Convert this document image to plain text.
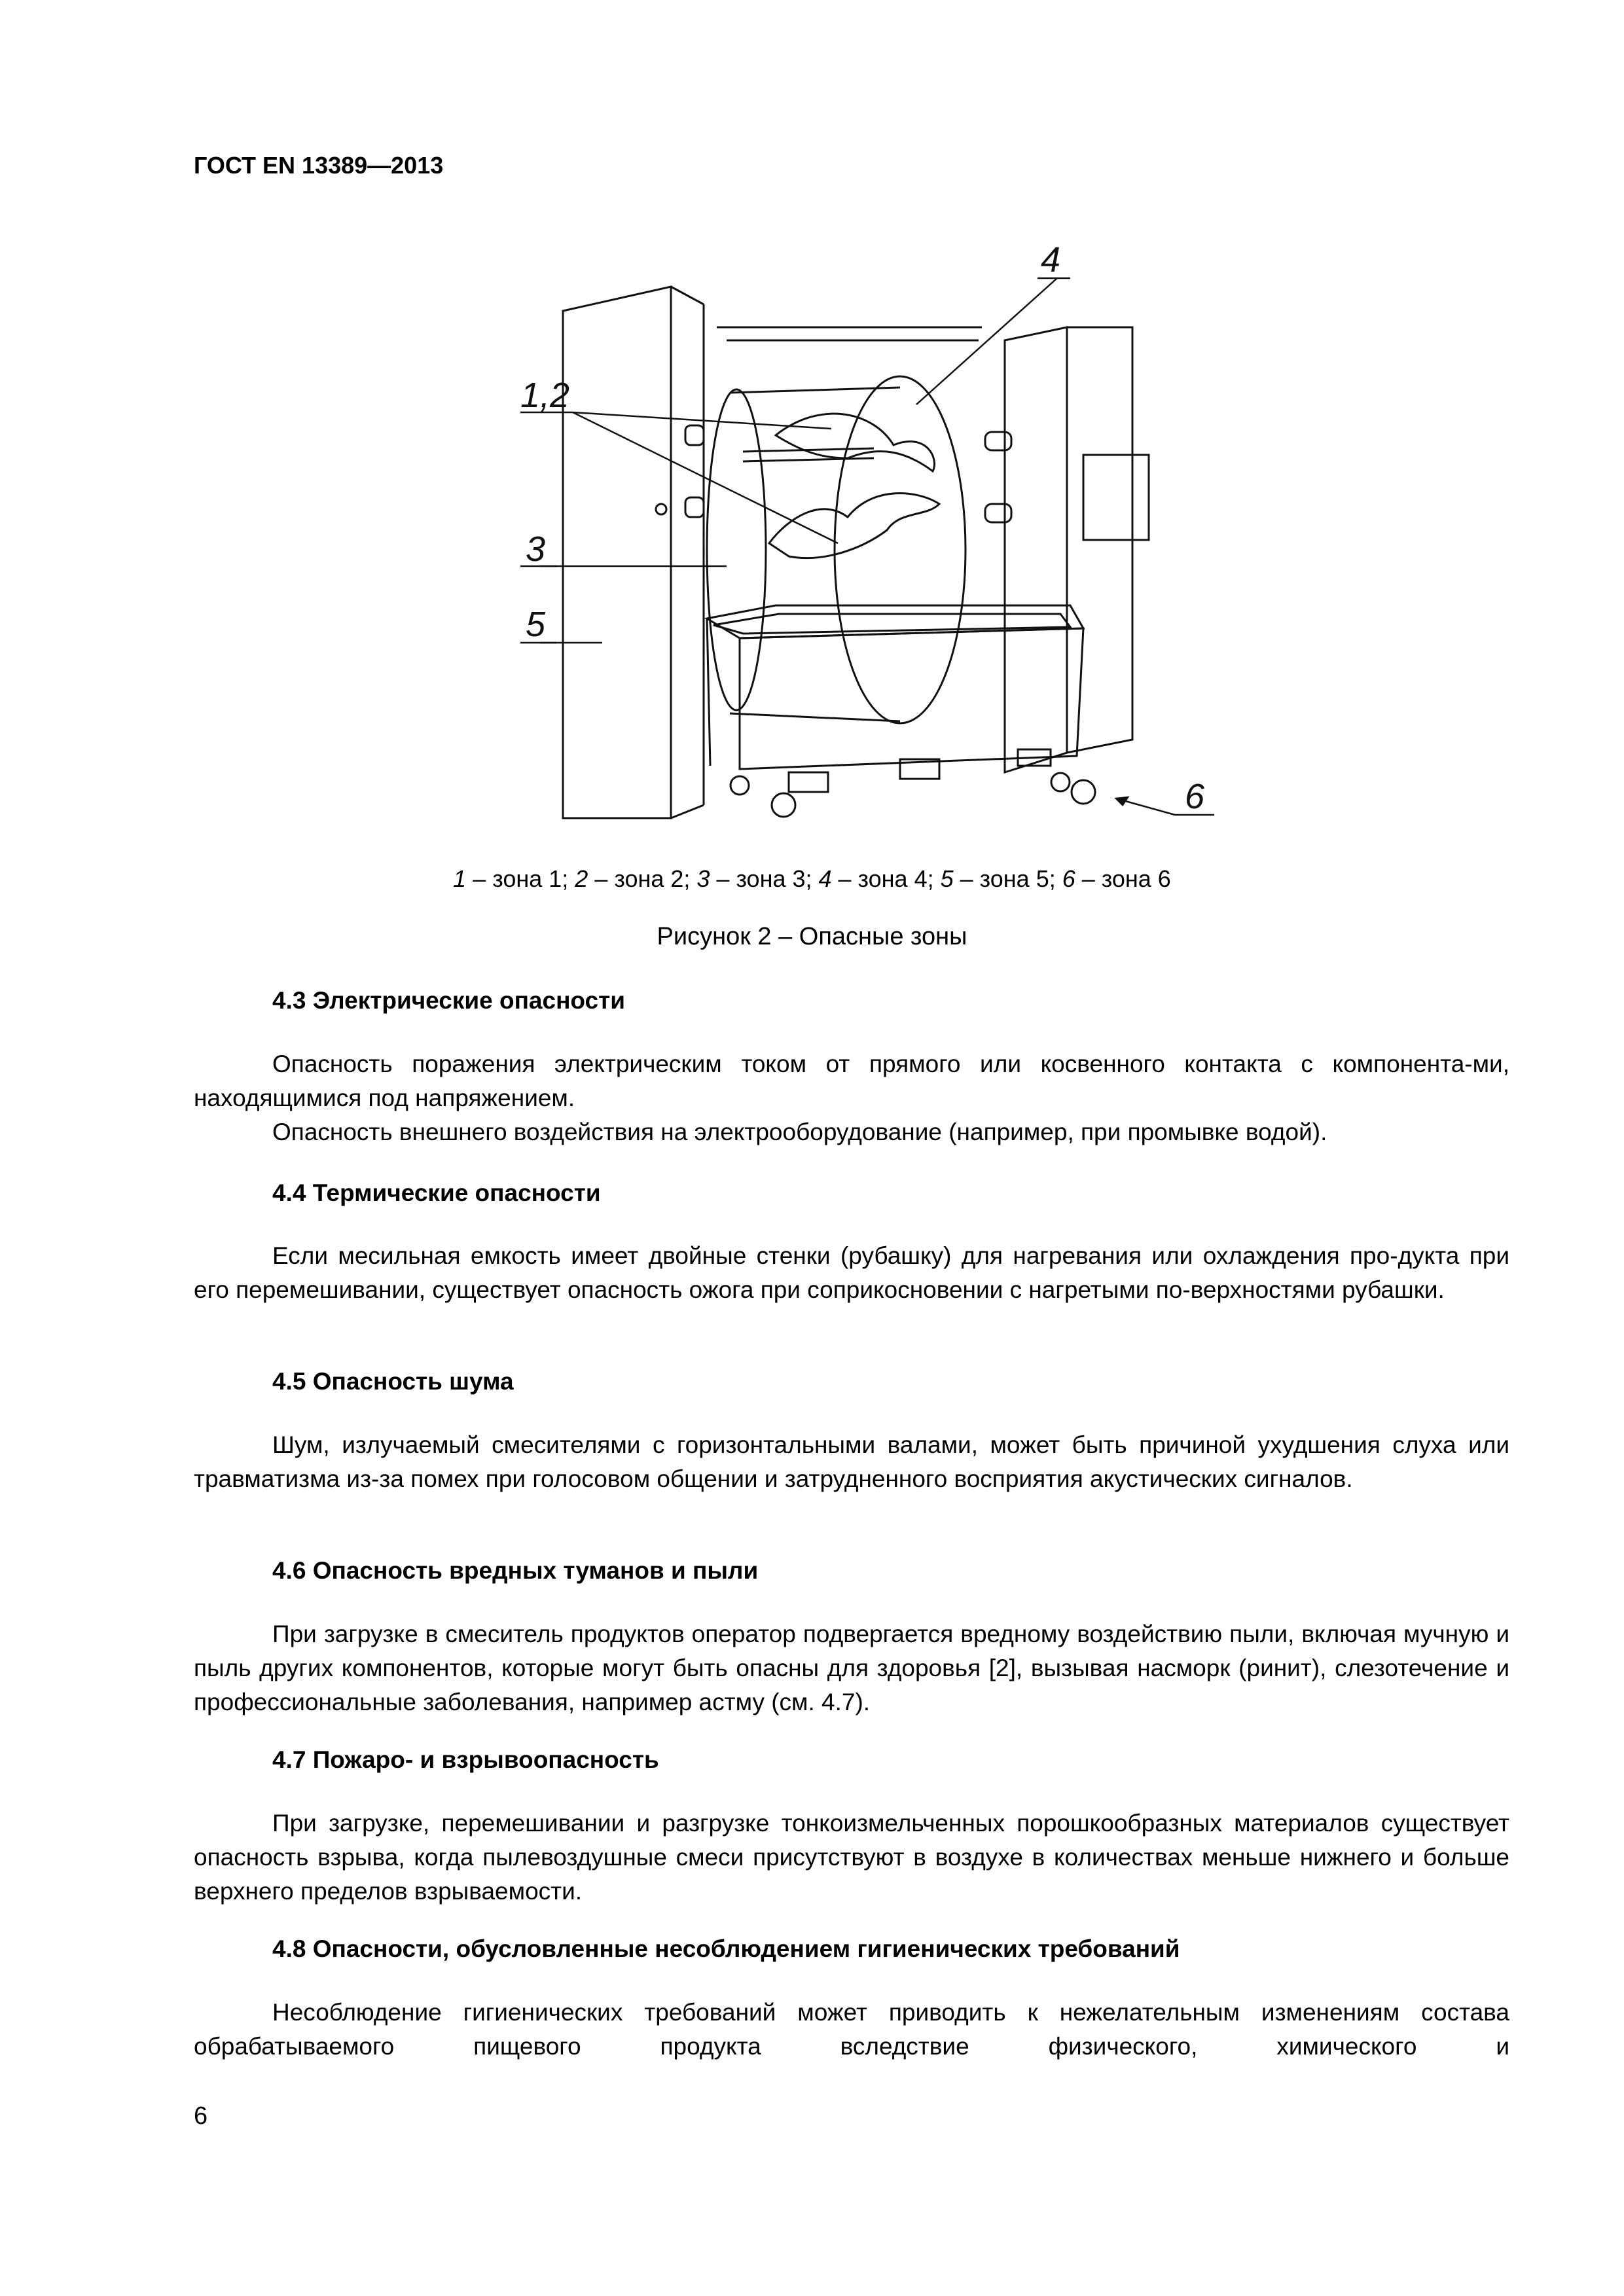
ГОСТ EN 13389—2013
4
1,2
3
5
6
1 – зона 1; 2 – зона 2; 3 – зона 3; 4 – зона 4; 5 – зона 5; 6 – зона 6
Рисунок 2 – Опасные зоны
4.3 Электрические опасности

Опасность поражения электрическим током от прямого или косвенного контакта с компонента-ми, находящимися под напряжением.

Опасность внешнего воздействия на электрооборудование (например, при промывке водой).

4.4 Термические опасности

Если месильная емкость имеет двойные стенки (рубашку) для нагревания или охлаждения про-дукта при его перемешивании, существует опасность ожога при соприкосновении с нагретыми по-верхностями рубашки.

4.5 Опасность шума

Шум, излучаемый смесителями с горизонтальными валами, может быть причиной ухудшения слуха или травматизма из-за помех при голосовом общении и затрудненного восприятия акустических сигналов.

4.6 Опасность вредных туманов и пыли

При загрузке в смеситель продуктов оператор подвергается вредному воздействию пыли, включая мучную и пыль других компонентов, которые могут быть опасны для здоровья [2], вызывая насморк (ринит), слезотечение и профессиональные заболевания, например астму (см. 4.7).

4.7 Пожаро- и взрывоопасность

При загрузке, перемешивании и разгрузке тонкоизмельченных порошкообразных материалов существует опасность взрыва, когда пылевоздушные смеси присутствуют в воздухе в количествах меньше нижнего и больше верхнего пределов взрываемости.

4.8 Опасности, обусловленные несоблюдением гигиенических требований

Несоблюдение гигиенических требований может приводить к нежелательным изменениям состава обрабатываемого пищевого продукта вследствие физического, химического и

6
